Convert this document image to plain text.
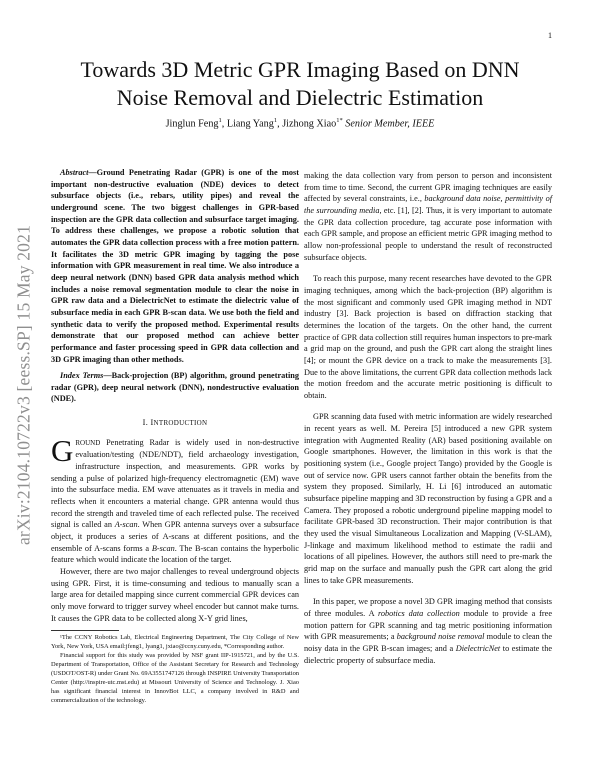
1
arXiv:2104.10722v3 [eess.SP] 15 May 2021
Towards 3D Metric GPR Imaging Based on DNN
Noise Removal and Dielectric Estimation
Jinglun Feng$^1$, Liang Yang$^1$, Jizhong Xiao$^{1*}$ Senior Member, IEEE

Abstract—Ground Penetrating Radar (GPR) is one of the most important non-destructive evaluation (NDE) devices to detect subsurface objects (i.e., rebars, utility pipes) and reveal the underground scene. The two biggest challenges in GPR-based inspection are the GPR data collection and subsurface target imaging. To address these challenges, we propose a robotic solution that automates the GPR data collection process with a free motion pattern. It facilitates the 3D metric GPR imaging by tagging the pose information with GPR measurement in real time. We also introduce a deep neural network (DNN) based GPR data analysis method which includes a noise removal segmentation module to clear the noise in GPR raw data and a DielectricNet to estimate the dielectric value of subsurface media in each GPR B-scan data. We use both the field and synthetic data to verify the proposed method. Experimental results demonstrate that our proposed method can achieve better performance and faster processing speed in GPR data collection and 3D GPR imaging than other methods.

Index Terms—Back-projection (BP) algorithm, ground penetrating radar (GPR), deep neural network (DNN), nondestructive evaluation (NDE).

I. INTRODUCTION

GROUND Penetrating Radar is widely used in non-destructive evaluation/testing (NDE/NDT), field archaeology investigation, infrastructure inspection, and measurements. GPR works by sending a pulse of polarized high-frequency electromagnetic (EM) wave into the subsurface media. EM wave attenuates as it travels in media and reflects when it encounters a material change. GPR antenna would thus record the strength and traveled time of each reflected pulse. The received signal is called an A-scan. When GPR antenna surveys over a subsurface object, it produces a series of A-scans at different positions, and the ensemble of A-scans forms a B-scan. The B-scan contains the hyperbolic feature which would indicate the location of the target.

However, there are two major challenges to reveal underground objects using GPR. First, it is time-consuming and tedious to manually scan a large area for detailed mapping since current commercial GPR devices can only move forward to trigger survey wheel encoder but cannot make turns. It causes the GPR data to be collected along X-Y grid lines,

¹The CCNY Robotics Lab, Electrical Engineering Department, The City College of New York, New York, USA email:jfeng1, lyang1, jxiao@ccny.cuny.edu, *Corresponding author.

Financial support for this study was provided by NSF grant IIP-1915721, and by the U.S. Department of Transportation, Office of the Assistant Secretary for Research and Technology (USDOT/OST-R) under Grant No. 69A3551747126 through INSPIRE University Transportation Center (http://inspire-utc.mst.edu) at Missouri University of Science and Technology. J. Xiao has significant financial interest in InnovBot LLC, a company involved in R&D and commercialization of the technology.

making the data collection vary from person to person and inconsistent from time to time. Second, the current GPR imaging techniques are easily affected by several constraints, i.e., background data noise, permittivity of the surrounding media, etc. [1], [2]. Thus, it is very important to automate the GPR data collection procedure, tag accurate pose information with each GPR sample, and propose an efficient metric GPR imaging method to allow non-professional people to understand the result of reconstructed subsurface objects.

To reach this purpose, many recent researches have devoted to the GPR imaging techniques, among which the back-projection (BP) algorithm is the most significant and commonly used GPR imaging method in NDT industry [3]. Back projection is based on diffraction stacking that determines the location of the targets. On the other hand, the current practice of GPR data collection still requires human inspectors to pre-mark a grid map on the ground, and push the GPR cart along the straight lines [4]; or mount the GPR device on a track to make the measurements [3]. Due to the above limitations, the current GPR data collection methods lack the motion freedom and the accurate metric positioning is difficult to obtain.

GPR scanning data fused with metric information are widely researched in recent years as well. M. Pereira [5] introduced a new GPR system integration with Augmented Reality (AR) based positioning available on Google smartphones. However, the limitation in this work is that the positioning system (i.e., Google project Tango) provided by the Google is out of service now. GPR users cannot farther obtain the benefits from the system they proposed. Similarly, H. Li [6] introduced an automatic subsurface pipeline mapping and 3D reconstruction by fusing a GPR and a Camera. They proposed a robotic underground pipeline mapping model to facilitate GPR-based 3D reconstruction. Their major contribution is that they used the visual Simultaneous Localization and Mapping (V-SLAM), J-linkage and maximum likelihood method to estimate the radii and locations of all pipelines. However, the authors still need to pre-mark the grid map on the surface and manually push the GPR cart along the grid lines to take GPR measurements.

In this paper, we propose a novel 3D GPR imaging method that consists of three modules. A robotics data collection module to provide a free motion pattern for GPR scanning and tag metric positioning information with GPR measurements; a background noise removal module to clean the noisy data in the GPR B-scan images; and a DielectricNet to estimate the dielectric property of subsurface media.
